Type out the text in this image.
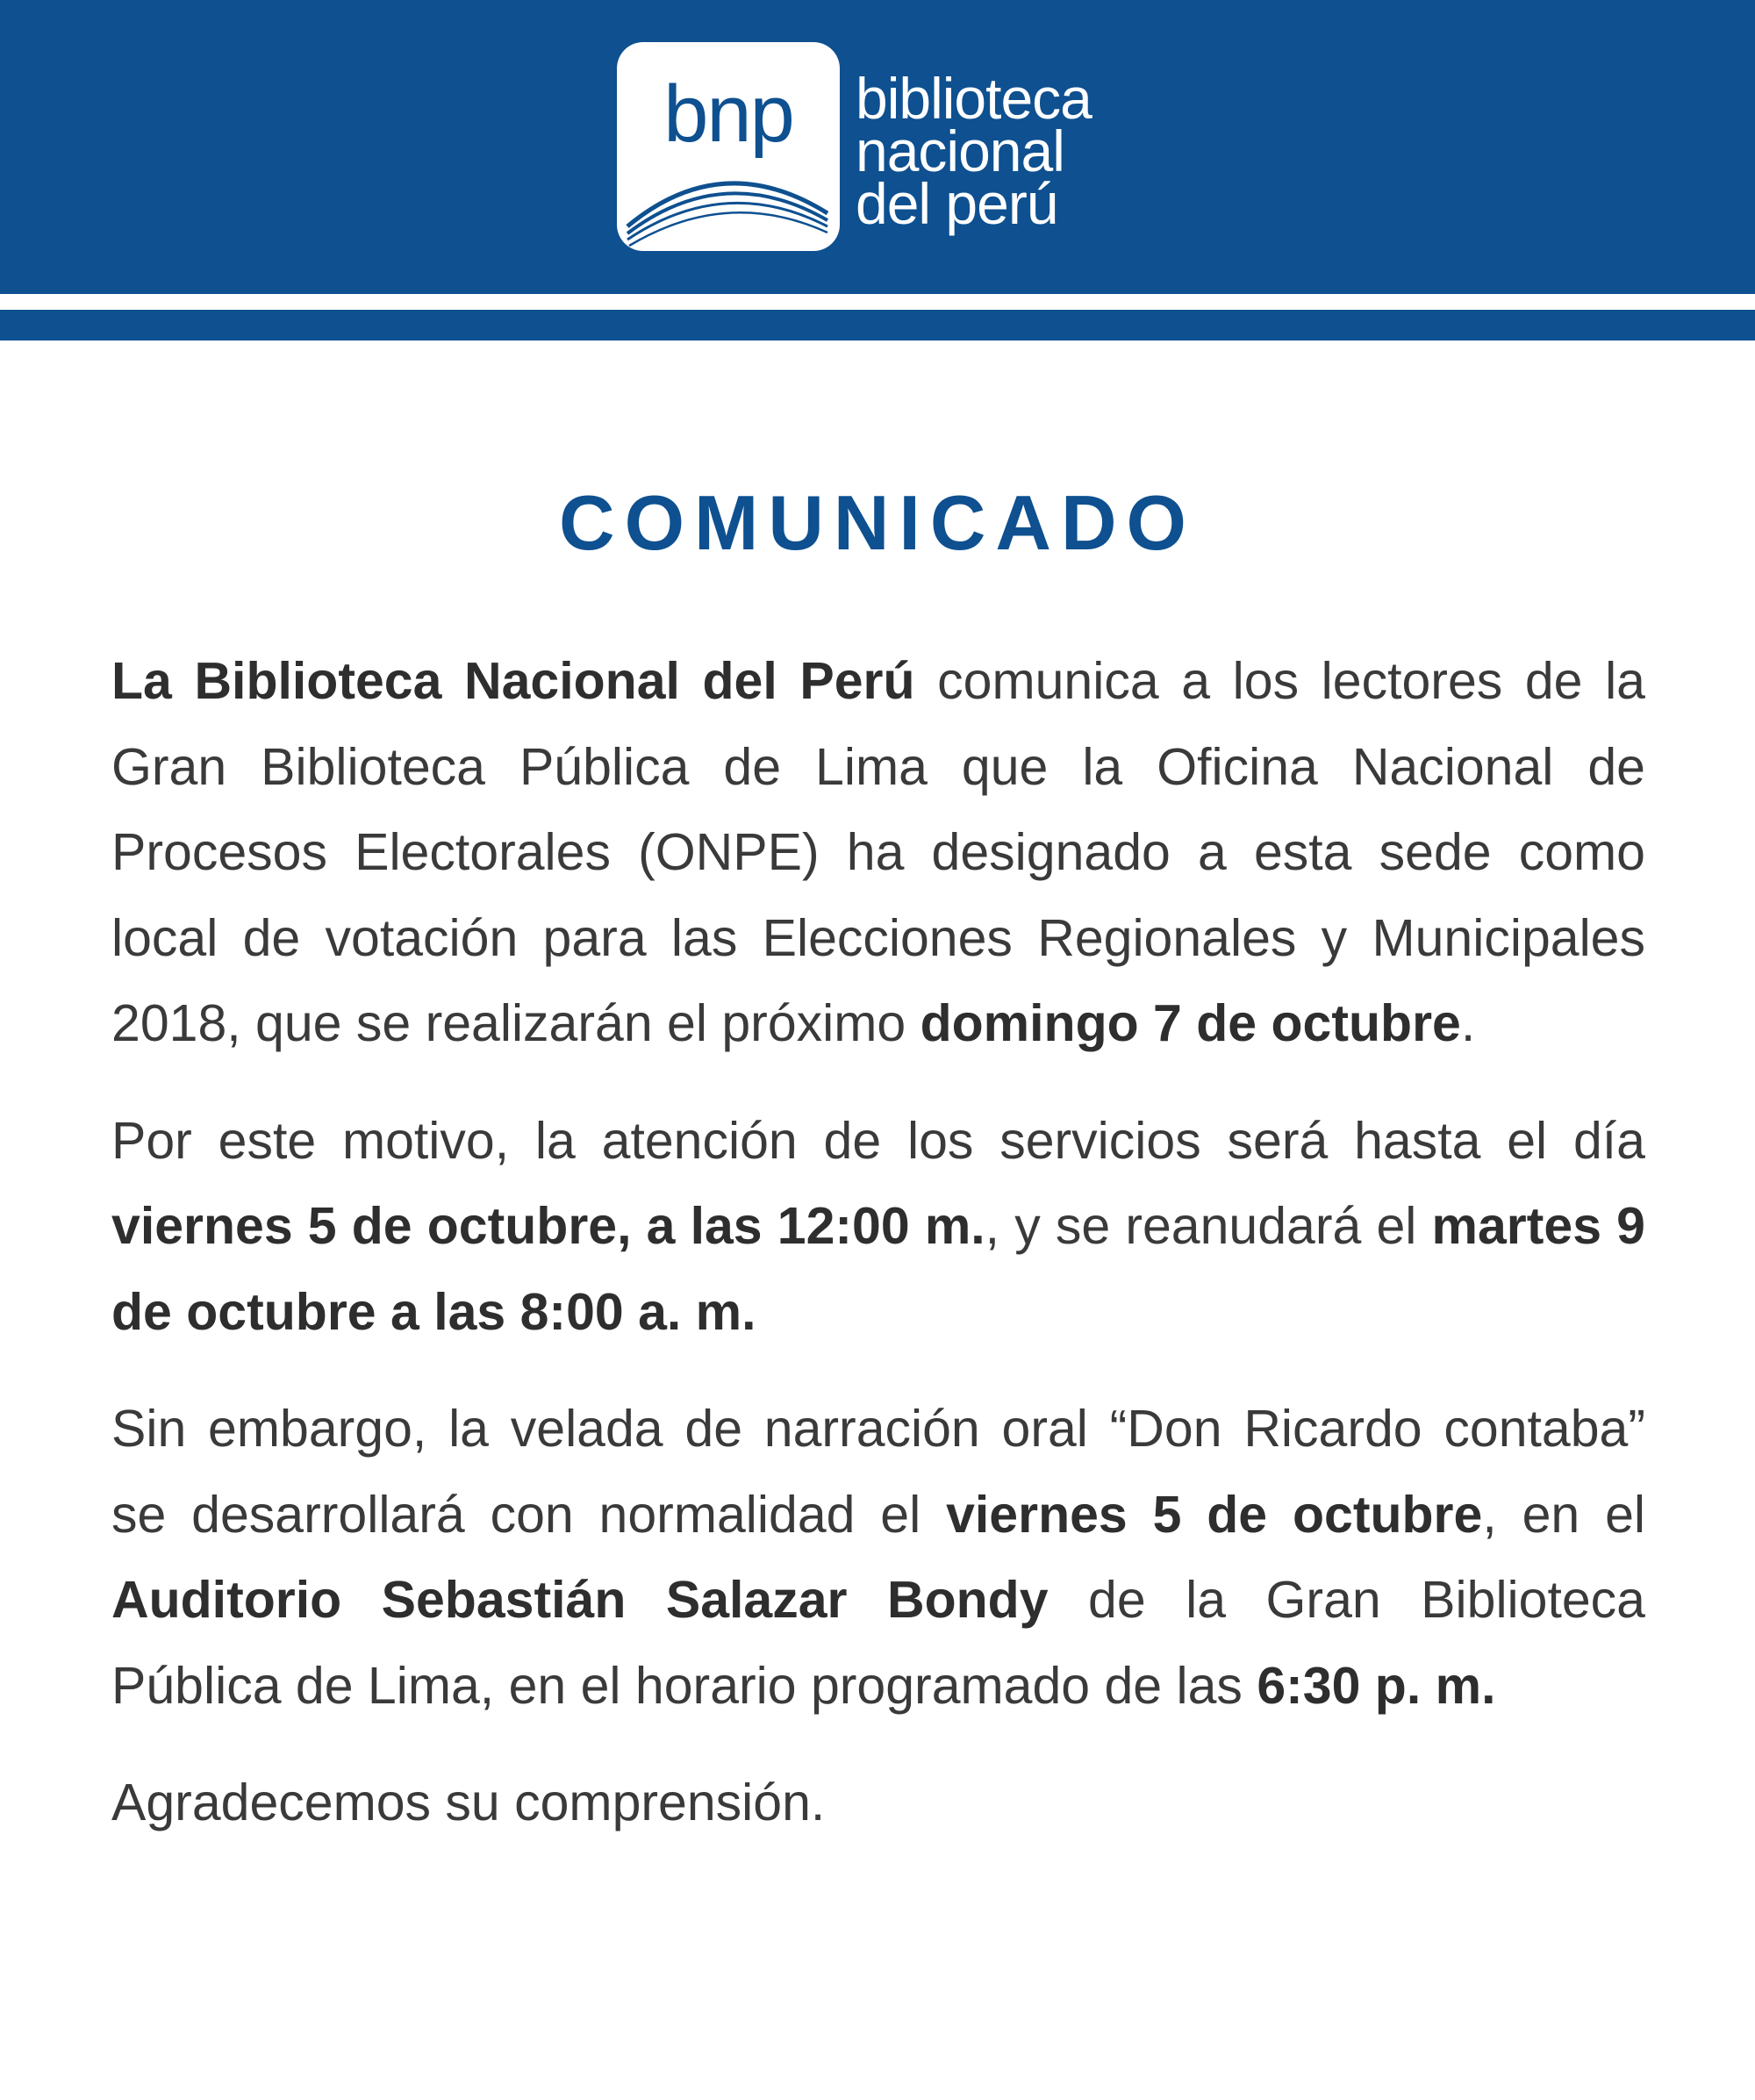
bnp	biblioteca
nacional
del perú
COMUNICADO

La Biblioteca Nacional del Perú comunica a los lectores de la Gran Biblioteca Pública de Lima que la Oficina Nacional de Procesos Electorales (ONPE) ha designado a esta sede como local de votación para las Elecciones Regionales y Municipales 2018, que se realizarán el próximo domingo 7 de octubre.

Por este motivo, la atención de los servicios será hasta el día viernes 5 de octubre, a las 12:00 m., y se reanudará el martes 9 de octubre a las 8:00 a. m.

Sin embargo, la velada de narración oral “Don Ricardo contaba” se desarrollará con normalidad el viernes 5 de octubre, en el Auditorio Sebastián Salazar Bondy de la Gran Biblioteca Pública de Lima, en el horario programado de las 6:30 p. m.

Agradecemos su comprensión.
